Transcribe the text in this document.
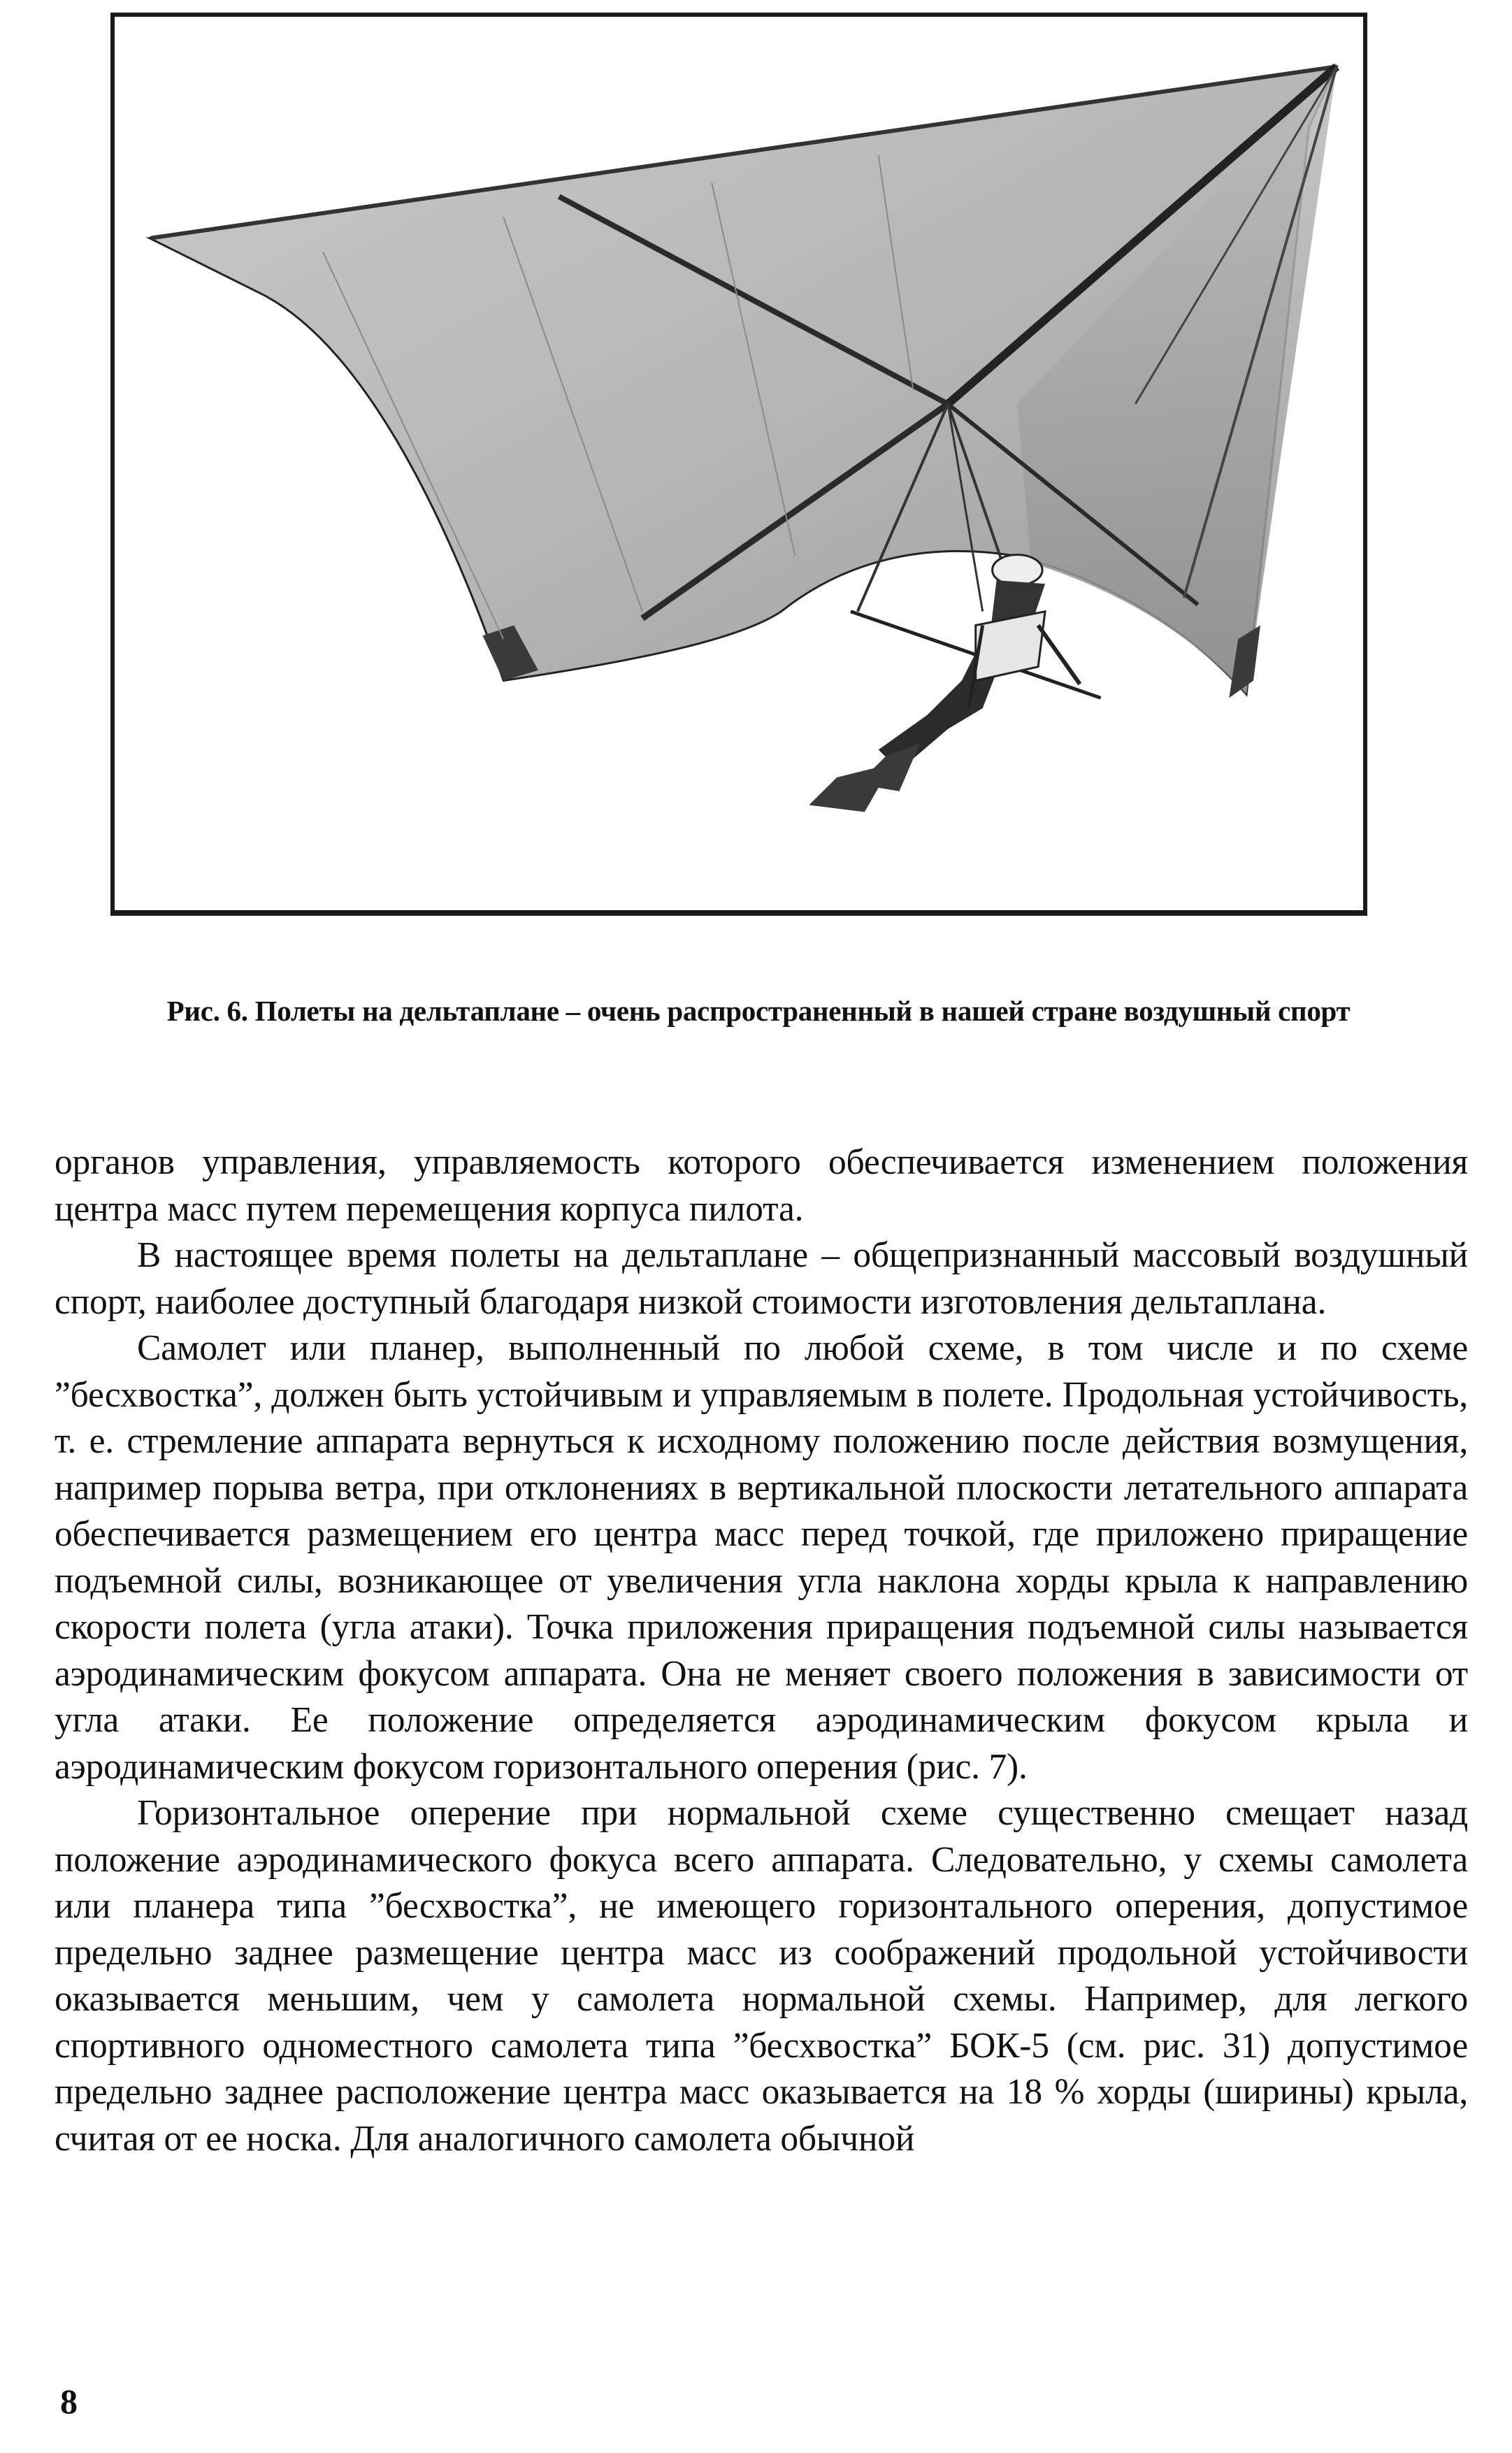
Рис. 6. Полеты на дельтаплане – очень распространенный в нашей стране воздушный спорт

органов управления, управляемость которого обеспечивается изменением положения центра масс путем перемещения корпуса пилота.

В настоящее время полеты на дельтаплане – общепризнанный массовый воздушный спорт, наиболее доступный благодаря низкой стоимости изготовления дельтаплана.

Самолет или планер, выполненный по любой схеме, в том числе и по схеме ”бесхвостка”, должен быть устойчивым и управляемым в полете. Продольная устойчивость, т. е. стремление аппарата вернуться к исходному положению после действия возмущения, например порыва ветра, при отклонениях в вертикальной плоскости летательного аппарата обеспечивается размещением его центра масс перед точкой, где приложено приращение подъемной силы, возникающее от увеличения угла наклона хорды крыла к направлению скорости полета (угла атаки). Точка приложения приращения подъемной силы называется аэродинамическим фокусом аппарата. Она не меняет своего положения в зависимости от угла атаки. Ее положение определяется аэродинамическим фокусом крыла и аэродинамическим фокусом горизонтального оперения (рис. 7).

Горизонтальное оперение при нормальной схеме существенно смещает назад положение аэродинамического фокуса всего аппарата. Следовательно, у схемы самолета или планера типа ”бесхвостка”, не имеющего горизонтального оперения, допустимое предельно заднее размещение центра масс из соображений продольной устойчивости оказывается меньшим, чем у самолета нормальной схемы. Например, для легкого спортивного одноместного самолета типа ”бесхвостка” БОК-5 (см. рис. 31) допустимое предельно заднее расположение центра масс оказывается на 18 % хорды (ширины) крыла, считая от ее носка. Для аналогичного самолета обычной

8
